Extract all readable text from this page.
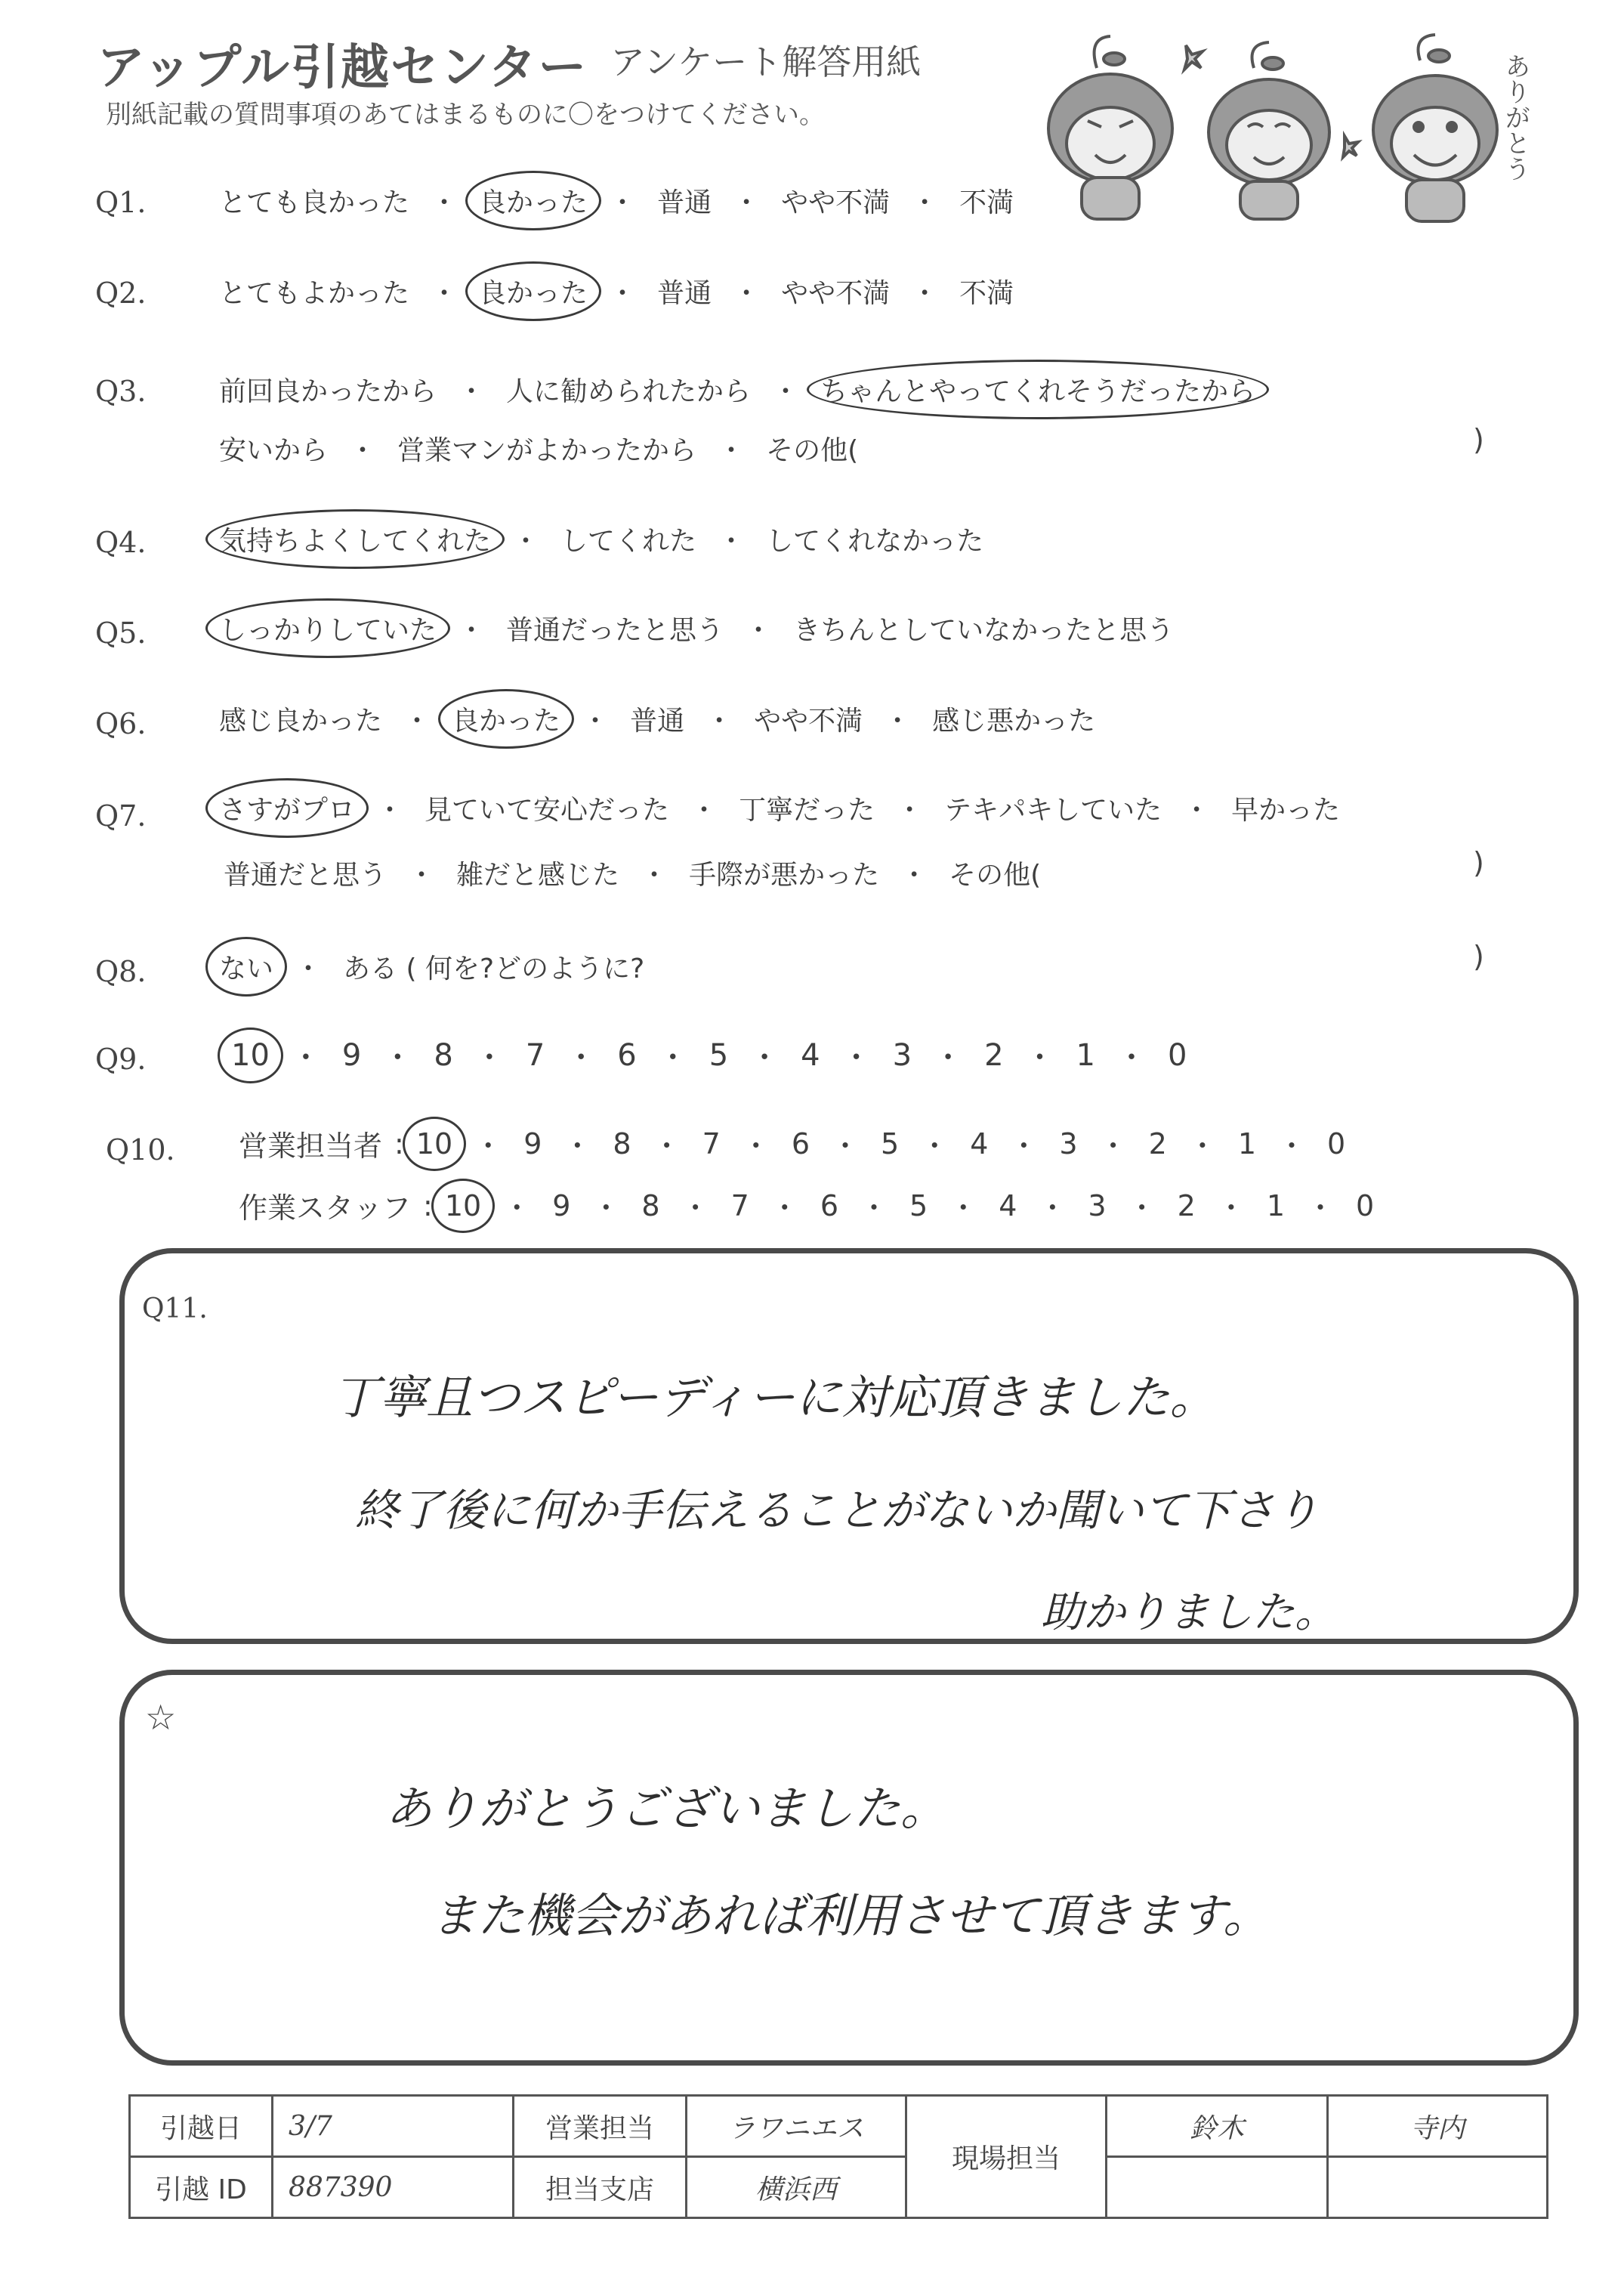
アップル引越センター アンケート解答用紙
別紙記載の質問事項のあてはまるものに〇をつけてください。	ありがとう
Q1.	とても良かった ・ 良かった ・ 普通 ・ やや不満 ・ 不満
Q2.	とてもよかった ・ 良かった ・ 普通 ・ やや不満 ・ 不満
Q3.	前回良かったから ・ 人に勧められたから ・ ちゃんとやってくれそうだったから
安いから ・ 営業マンがよかったから ・ その他(	)
Q4.	気持ちよくしてくれた ・ してくれた ・ してくれなかった
Q5.	しっかりしていた ・ 普通だったと思う ・ きちんとしていなかったと思う
Q6.	感じ良かった ・ 良かった ・ 普通 ・ やや不満 ・ 感じ悪かった
Q7.	さすがプロ ・ 見ていて安心だった ・ 丁寧だった ・ テキパキしていた ・ 早かった
普通だと思う ・ 雑だと感じた ・ 手際が悪かった ・ その他(	)
Q8.	ない ・ ある ( 何を?どのように?	)
Q9.	10 ・ 9 ・ 8 ・ 7 ・ 6 ・ 5 ・ 4 ・ 3 ・ 2 ・ 1 ・ 0
Q10. 営業担当者 : 10 ・ 9 ・ 8 ・ 7 ・ 6 ・ 5 ・ 4 ・ 3 ・ 2 ・ 1 ・ 0
作業スタッフ : 10 ・ 9 ・ 8 ・ 7 ・ 6 ・ 5 ・ 4 ・ 3 ・ 2 ・ 1 ・ 0
Q11.
丁寧且つスピーディーに対応頂きました。
終了後に何か手伝えることがないか聞いて下さり
助かりました。
☆
ありがとうございました。
また機会があれば利用させて頂きます。
引越日	3/7	営業担当	ラワニエス	現場担当	鈴木	寺内
引越 ID	887390	担当支店	横浜西			
